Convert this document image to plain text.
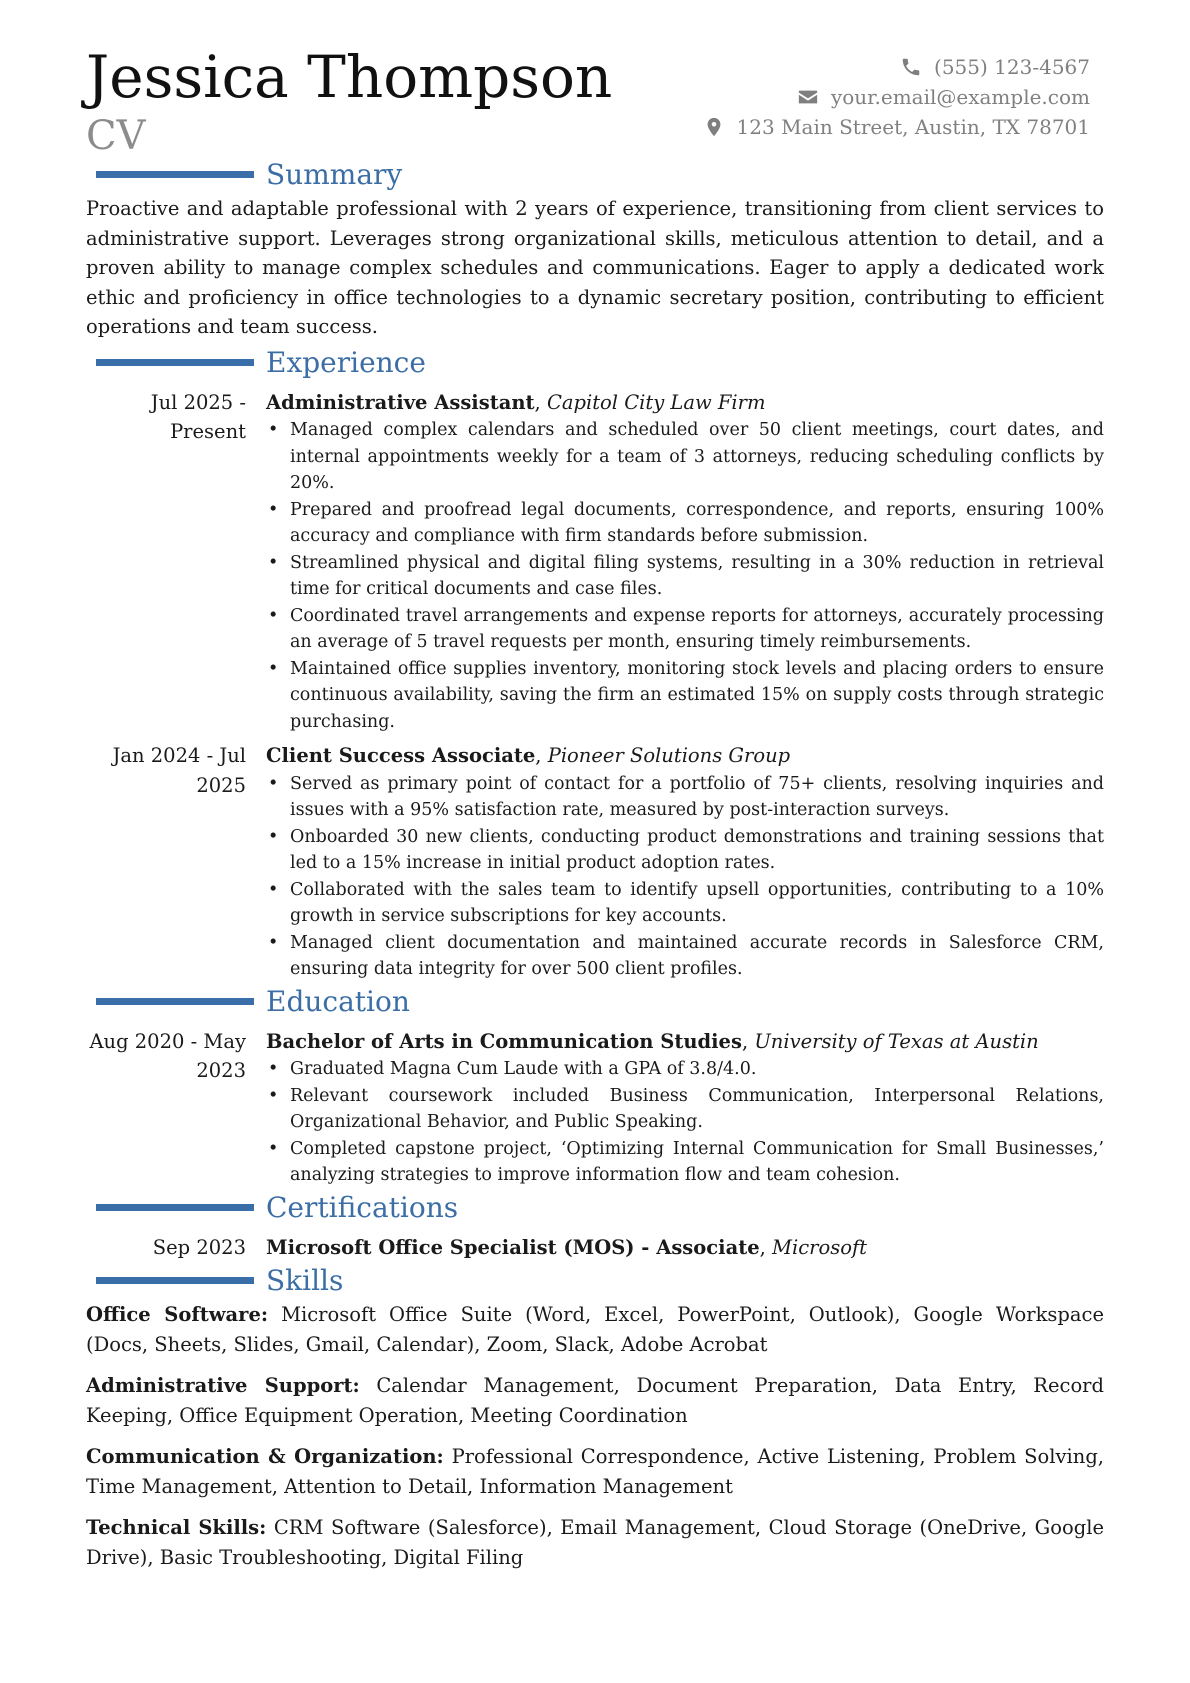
Jessica Thompson
CV
(555) 123-4567
your.email@example.com
123 Main Street, Austin, TX 78701
Summary

Proactive and adaptable professional with 2 years of experience, transitioning from client services to administrative support. Leverages strong organizational skills, meticulous attention to detail, and a proven ability to manage complex schedules and communications. Eager to apply a dedicated work ethic and proficiency in office technologies to a dynamic secretary position, contributing to efficient operations and team success.

Experience
Jul 2025 - Present
Administrative Assistant, Capitol City Law Firm
• Managed complex calendars and scheduled over 50 client meetings, court dates, and internal appointments weekly for a team of 3 attorneys, reducing scheduling conflicts by 20%.
• Prepared and proofread legal documents, correspondence, and reports, ensuring 100% accuracy and compliance with firm standards before submission.
• Streamlined physical and digital filing systems, resulting in a 30% reduction in retrieval time for critical documents and case files.
• Coordinated travel arrangements and expense reports for attorneys, accurately processing an average of 5 travel requests per month, ensuring timely reimbursements.
• Maintained office supplies inventory, monitoring stock levels and placing orders to ensure continuous availability, saving the firm an estimated 15% on supply costs through strategic purchasing.
Jan 2024 - Jul 2025
Client Success Associate, Pioneer Solutions Group
• Served as primary point of contact for a portfolio of 75+ clients, resolving inquiries and issues with a 95% satisfaction rate, measured by post-interaction surveys.
• Onboarded 30 new clients, conducting product demonstrations and training sessions that led to a 15% increase in initial product adoption rates.
• Collaborated with the sales team to identify upsell opportunities, contributing to a 10% growth in service subscriptions for key accounts.
• Managed client documentation and maintained accurate records in Salesforce CRM, ensuring data integrity for over 500 client profiles.
Education
Aug 2020 - May 2023
Bachelor of Arts in Communication Studies, University of Texas at Austin
• Graduated Magna Cum Laude with a GPA of 3.8/4.0.
• Relevant coursework included Business Communication, Interpersonal Relations, Organizational Behavior, and Public Speaking.
• Completed capstone project, ‘Optimizing Internal Communication for Small Businesses,’ analyzing strategies to improve information flow and team cohesion.
Certifications
Sep 2023 Microsoft Office Specialist (MOS) - Associate, Microsoft
Skills
Office Software: Microsoft Office Suite (Word, Excel, PowerPoint, Outlook), Google Workspace (Docs, Sheets, Slides, Gmail, Calendar), Zoom, Slack, Adobe Acrobat
Administrative Support: Calendar Management, Document Preparation, Data Entry, Record Keeping, Office Equipment Operation, Meeting Coordination
Communication & Organization: Professional Correspondence, Active Listening, Problem Solving, Time Management, Attention to Detail, Information Management
Technical Skills: CRM Software (Salesforce), Email Management, Cloud Storage (OneDrive, Google Drive), Basic Troubleshooting, Digital Filing
